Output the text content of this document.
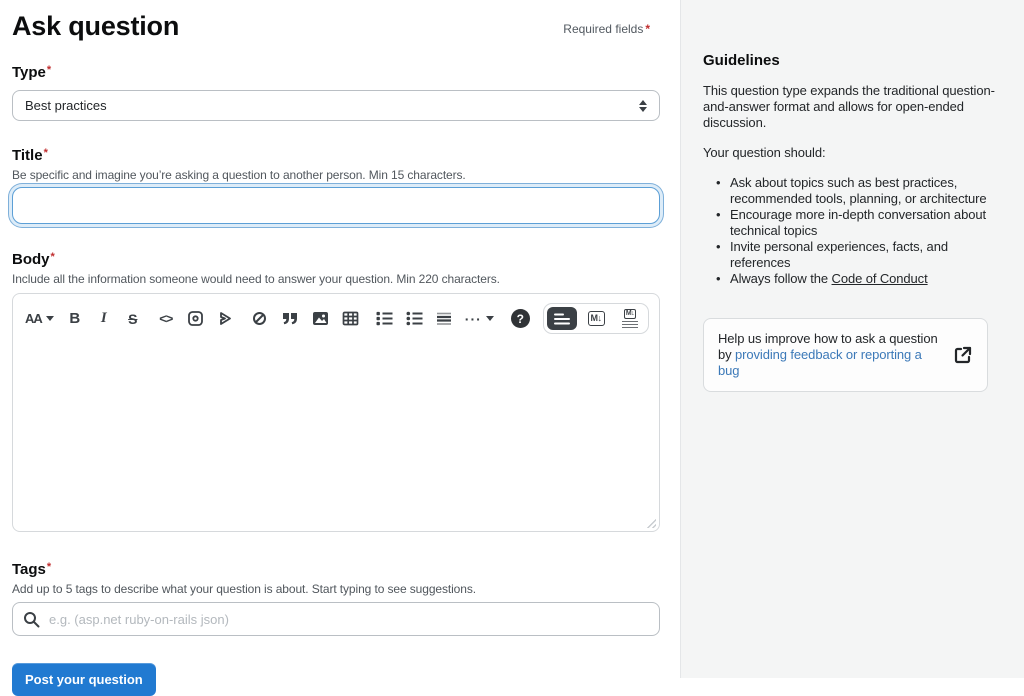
Ask question	Required fields *
Type*
Best practices
Title*
Be specific and imagine you’re asking a question to another person. Min 15 characters.
Body*
Include all the information someone would need to answer your question. Min 220 characters.
AA B I S <>	···	?	M↓	M↓
Tags*
Add up to 5 tags to describe what your question is about. Start typing to see suggestions.
e.g. (asp.net ruby-on-rails json)
Post your question
Guidelines

This question type expands the traditional question-and-answer format and allows for open-ended discussion.

Your question should:

• Ask about topics such as best practices, recommended tools, planning, or architecture
• Encourage more in-depth conversation about technical topics
• Invite personal experiences, facts, and references
• Always follow the Code of Conduct
Help us improve how to ask a question by providing feedback or reporting a bug
